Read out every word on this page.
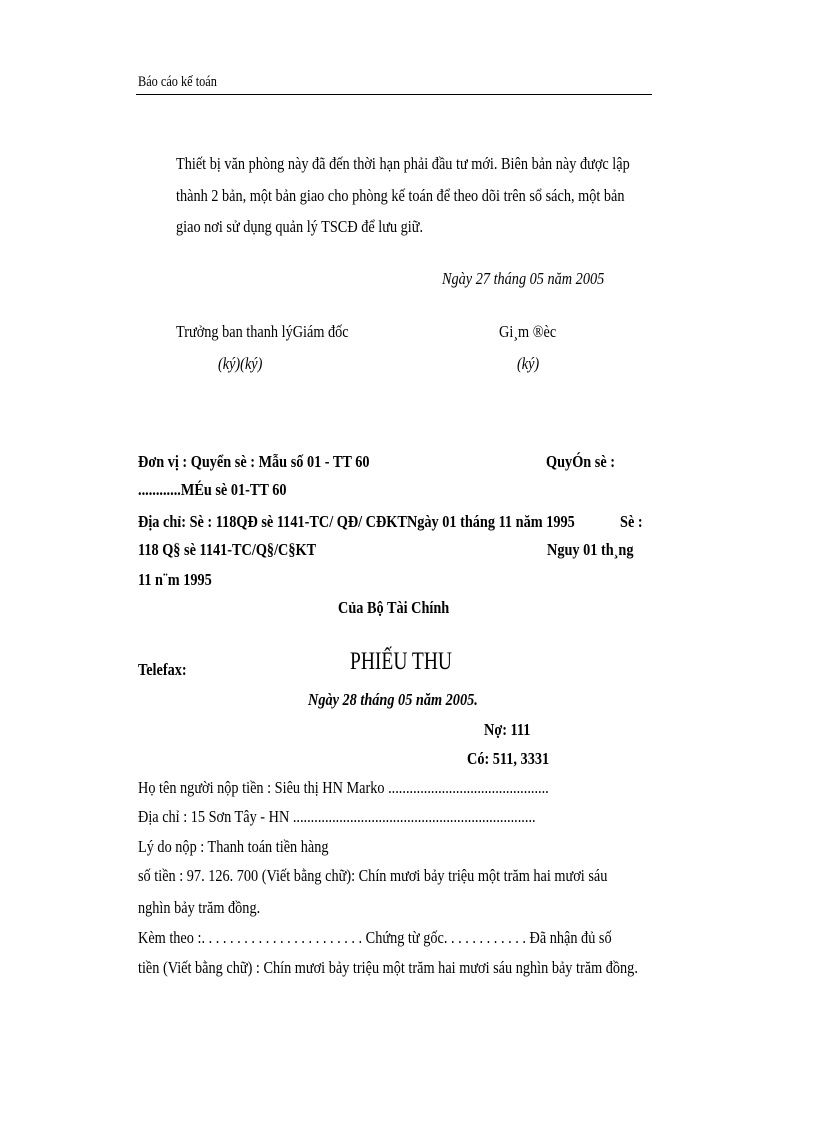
Báo cáo kế toán
Thiết bị văn phòng này đã đến thời hạn phải đầu tư mới. Biên bản này được lập
thành 2 bản, một bản giao cho phòng kế toán để theo dõi trên sổ sách, một bản
giao nơi sử dụng quản lý TSCĐ để lưu giữ.
Ngày 27 tháng 05 năm 2005
Trưởng ban thanh lýGiám đốc
(ký)(ký)
Gi¸m ®èc
(ký)
Đơn vị : Quyển sè : Mẫu số 01 - TT 60	QuyÓn sè :
............MÉu sè 01-TT 60
Địa chỉ: Sè : 118QĐ sè 1141-TC/ QĐ/ CĐKTNgày 01 tháng 11 năm 1995	Sè :
118 Q§ sè 1141-TC/Q§/C§KT	Nguy 01 th¸ng
11 n¨m 1995
Của Bộ Tài Chính
Telefax:	PHIẾU THU
Ngày 28 tháng 05 năm 2005.
Nợ: 111
Có: 511, 3331
Họ tên người nộp tiền : Siêu thị HN Marko .............................................
Địa chỉ : 15 Sơn Tây - HN ....................................................................
Lý do nộp : Thanh toán tiền hàng
số tiền : 97. 126. 700 (Viết bằng chữ): Chín mươi bảy triệu một trăm hai mươi sáu
nghìn bảy trăm đồng.
Kèm theo :. . . . . . . . . . . . . . . . . . . . . . . Chứng từ gốc. . . . . . . . . . . . Đã nhận đủ số
tiền (Viết bằng chữ) : Chín mươi bảy triệu một trăm hai mươi sáu nghìn bảy trăm đồng.
